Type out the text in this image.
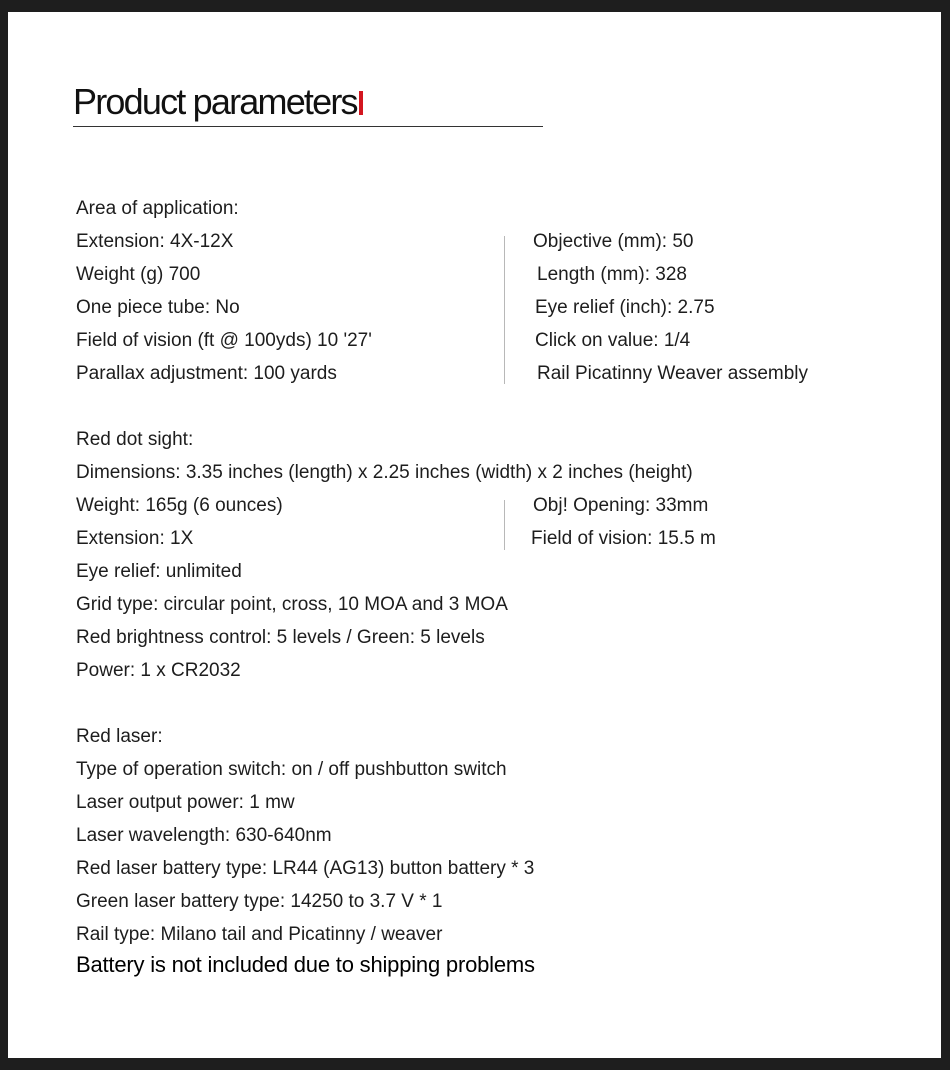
Product parameters
Area of application:
Extension: 4X-12X
Weight (g) 700
One piece tube: No
Field of vision (ft @ 100yds) 10 '27'
Parallax adjustment: 100 yards
Objective (mm): 50
Length (mm): 328
Eye relief (inch): 2.75
Click on value: 1/4
Rail Picatinny Weaver assembly
Red dot sight:
Dimensions: 3.35 inches (length) x 2.25 inches (width) x 2 inches (height)
Weight: 165g (6 ounces)
Extension: 1X
Obj! Opening: 33mm
Field of vision: 15.5 m
Eye relief: unlimited
Grid type: circular point, cross, 10 MOA and 3 MOA
Red brightness control: 5 levels / Green: 5 levels
Power: 1 x CR2032
Red laser:
Type of operation switch: on / off pushbutton switch
Laser output power: 1 mw
Laser wavelength: 630-640nm
Red laser battery type: LR44 (AG13) button battery * 3
Green laser battery type: 14250 to 3.7 V * 1
Rail type: Milano tail and Picatinny / weaver
Battery is not included due to shipping problems
